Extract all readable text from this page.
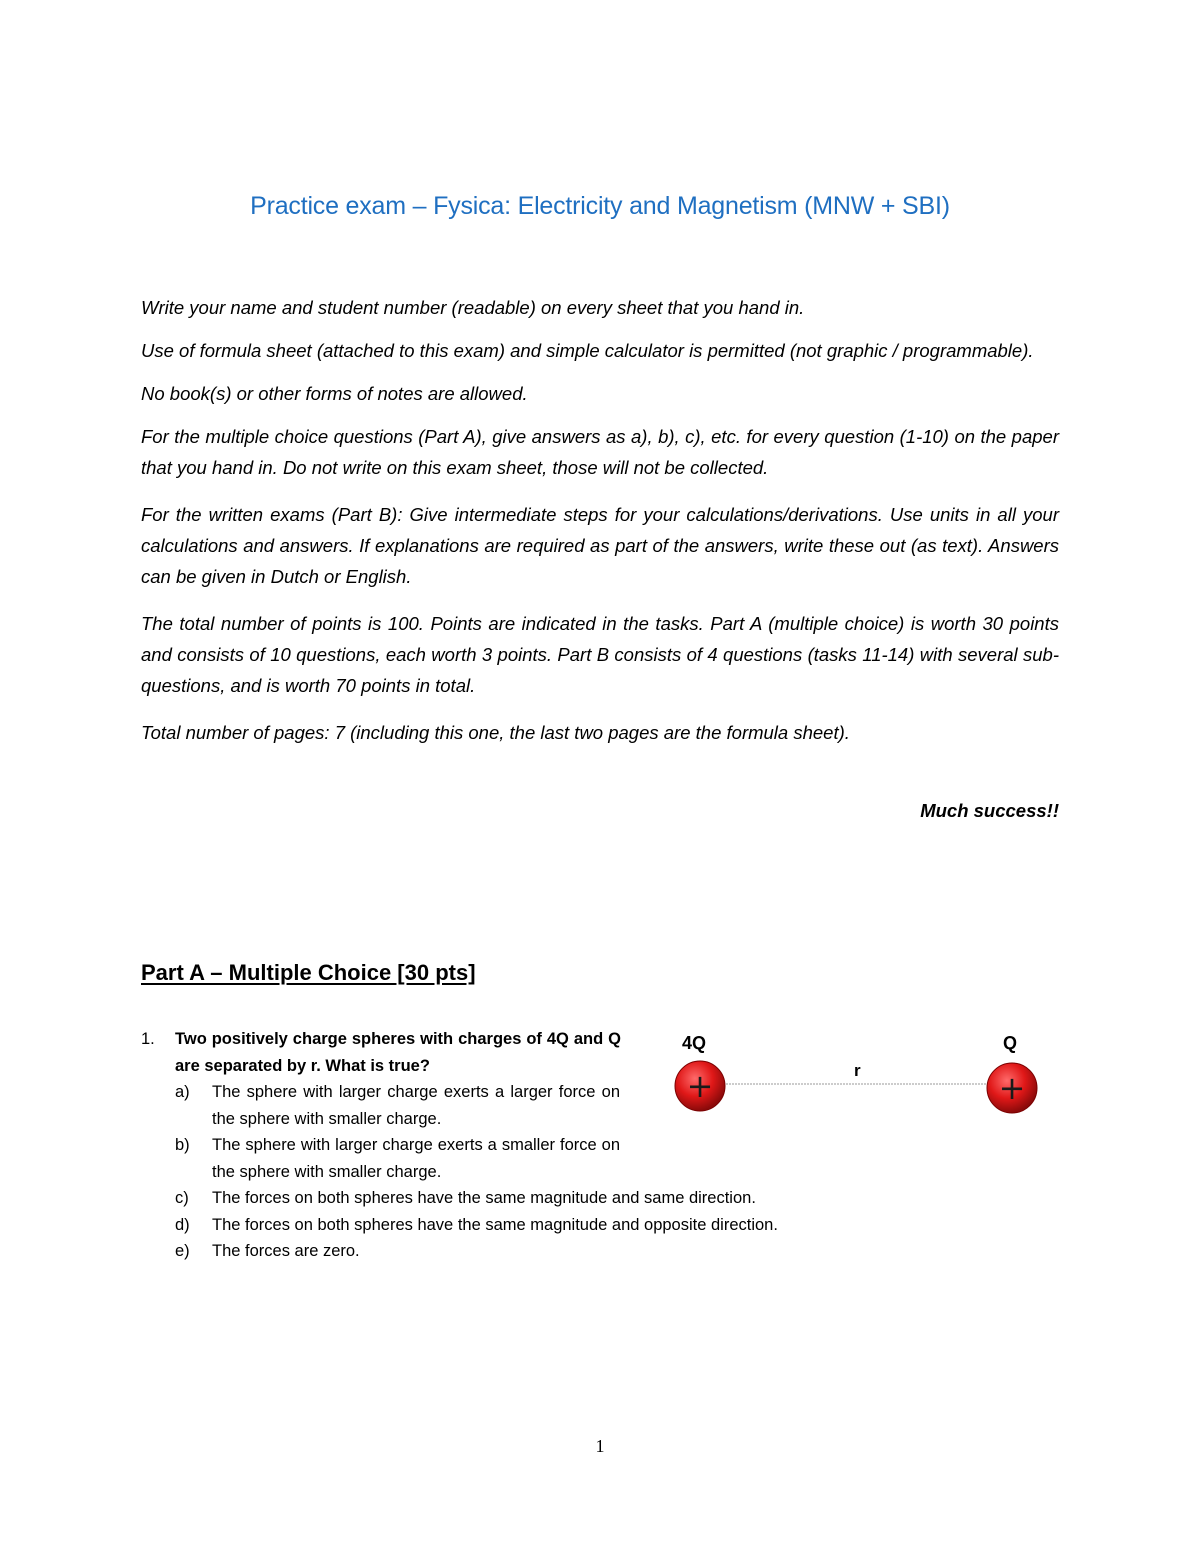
Practice exam – Fysica: Electricity and Magnetism (MNW + SBI)

Write your name and student number (readable) on every sheet that you hand in.

Use of formula sheet (attached to this exam) and simple calculator is permitted (not graphic / programmable).

No book(s) or other forms of notes are allowed.

For the multiple choice questions (Part A), give answers as a), b), c), etc. for every question (1-10) on the paper that you hand in. Do not write on this exam sheet, those will not be collected.

For the written exams (Part B): Give intermediate steps for your calculations/derivations. Use units in all your calculations and answers. If explanations are required as part of the answers, write these out (as text). Answers can be given in Dutch or English.

The total number of points is 100. Points are indicated in the tasks. Part A (multiple choice) is worth 30 points and consists of 10 questions, each worth 3 points. Part B consists of 4 questions (tasks 11-14) with several sub-questions, and is worth 70 points in total.

Total number of pages: 7 (including this one, the last two pages are the formula sheet).

Much success!!
Part A – Multiple Choice [30 pts]
1. Two positively charge spheres with charges of 4Q and Q are separated by r. What is true?
a) The sphere with larger charge exerts a larger force on the sphere with smaller charge.
b) The sphere with larger charge exerts a smaller force on the sphere with smaller charge.
c) The forces on both spheres have the same magnitude and same direction.
d) The forces on both spheres have the same magnitude and opposite direction.
e) The forces are zero.
4Q	Q
r
+	+
1
